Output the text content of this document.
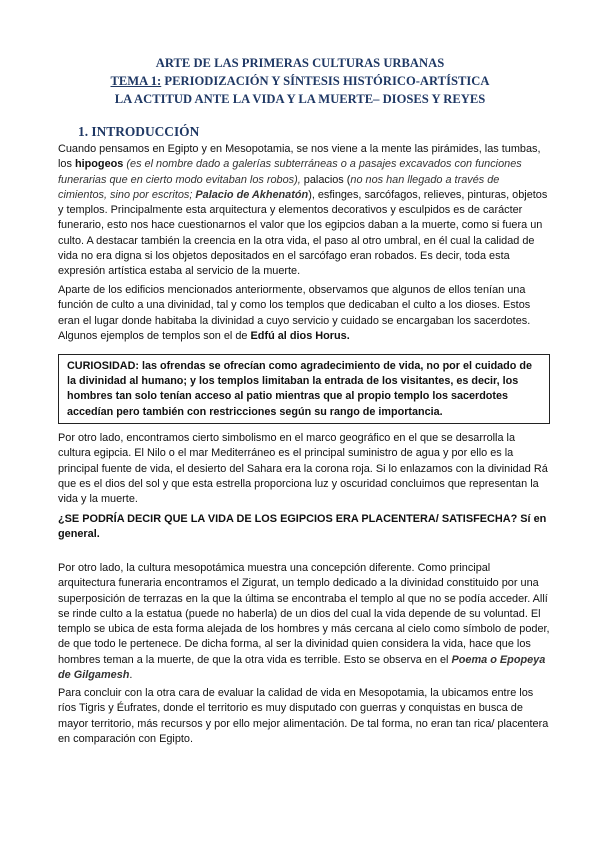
ARTE DE LAS PRIMERAS CULTURAS URBANAS
TEMA 1: PERIODIZACIÓN Y SÍNTESIS HISTÓRICO-ARTÍSTICA
LA ACTITUD ANTE LA VIDA Y LA MUERTE– DIOSES Y REYES
1. INTRODUCCIÓN

Cuando pensamos en Egipto y en Mesopotamia, se nos viene a la mente las pirámides, las tumbas, los hipogeos (es el nombre dado a galerías subterráneas o a pasajes excavados con funciones funerarias que en cierto modo evitaban los robos), palacios (no nos han llegado a través de cimientos, sino por escritos; Palacio de Akhenatón), esfinges, sarcófagos, relieves, pinturas, objetos y templos. Principalmente esta arquitectura y elementos decorativos y esculpidos es de carácter funerario, esto nos hace cuestionarnos el valor que los egipcios daban a la muerte, como si fuera un culto. A destacar también la creencia en la otra vida, el paso al otro umbral, en él cual la calidad de vida no era digna si los objetos depositados en el sarcófago eran robados. Es decir, toda esta expresión artística estaba al servicio de la muerte.

Aparte de los edificios mencionados anteriormente, observamos que algunos de ellos tenían una función de culto a una divinidad, tal y como los templos que dedicaban el culto a los dioses. Estos eran el lugar donde habitaba la divinidad a cuyo servicio y cuidado se encargaban los sacerdotes. Algunos ejemplos de templos son el de Edfú al dios Horus.

CURIOSIDAD: las ofrendas se ofrecían como agradecimiento de vida, no por el cuidado de la divinidad al humano; y los templos limitaban la entrada de los visitantes, es decir, los hombres tan solo tenían acceso al patio mientras que al propio templo los sacerdotes accedían pero también con restricciones según su rango de importancia.

Por otro lado, encontramos cierto simbolismo en el marco geográfico en el que se desarrolla la cultura egipcia. El Nilo o el mar Mediterráneo es el principal suministro de agua y por ello es la principal fuente de vida, el desierto del Sahara era la corona roja. Si lo enlazamos con la divinidad Rá que es el dios del sol y que esta estrella proporciona luz y oscuridad concluimos que representan la vida y la muerte.

¿SE PODRÍA DECIR QUE LA VIDA DE LOS EGIPCIOS ERA PLACENTERA/ SATISFECHA? Sí en general.

Por otro lado, la cultura mesopotámica muestra una concepción diferente. Como principal arquitectura funeraria encontramos el Zigurat, un templo dedicado a la divinidad constituido por una superposición de terrazas en la que la última se encontraba el templo al que no se podía acceder. Allí se rinde culto a la estatua (puede no haberla) de un dios del cual la vida depende de su voluntad. El templo se ubica de esta forma alejada de los hombres y más cercana al cielo como símbolo de poder, de que todo le pertenece. De dicha forma, al ser la divinidad quien considera la vida, hace que los hombres teman a la muerte, de que la otra vida es terrible. Esto se observa en el Poema o Epopeya de Gilgamesh.

Para concluir con la otra cara de evaluar la calidad de vida en Mesopotamia, la ubicamos entre los ríos Tigris y Éufrates, donde el territorio es muy disputado con guerras y conquistas en busca de mayor territorio, más recursos y por ello mejor alimentación. De tal forma, no eran tan rica/ placentera en comparación con Egipto.
